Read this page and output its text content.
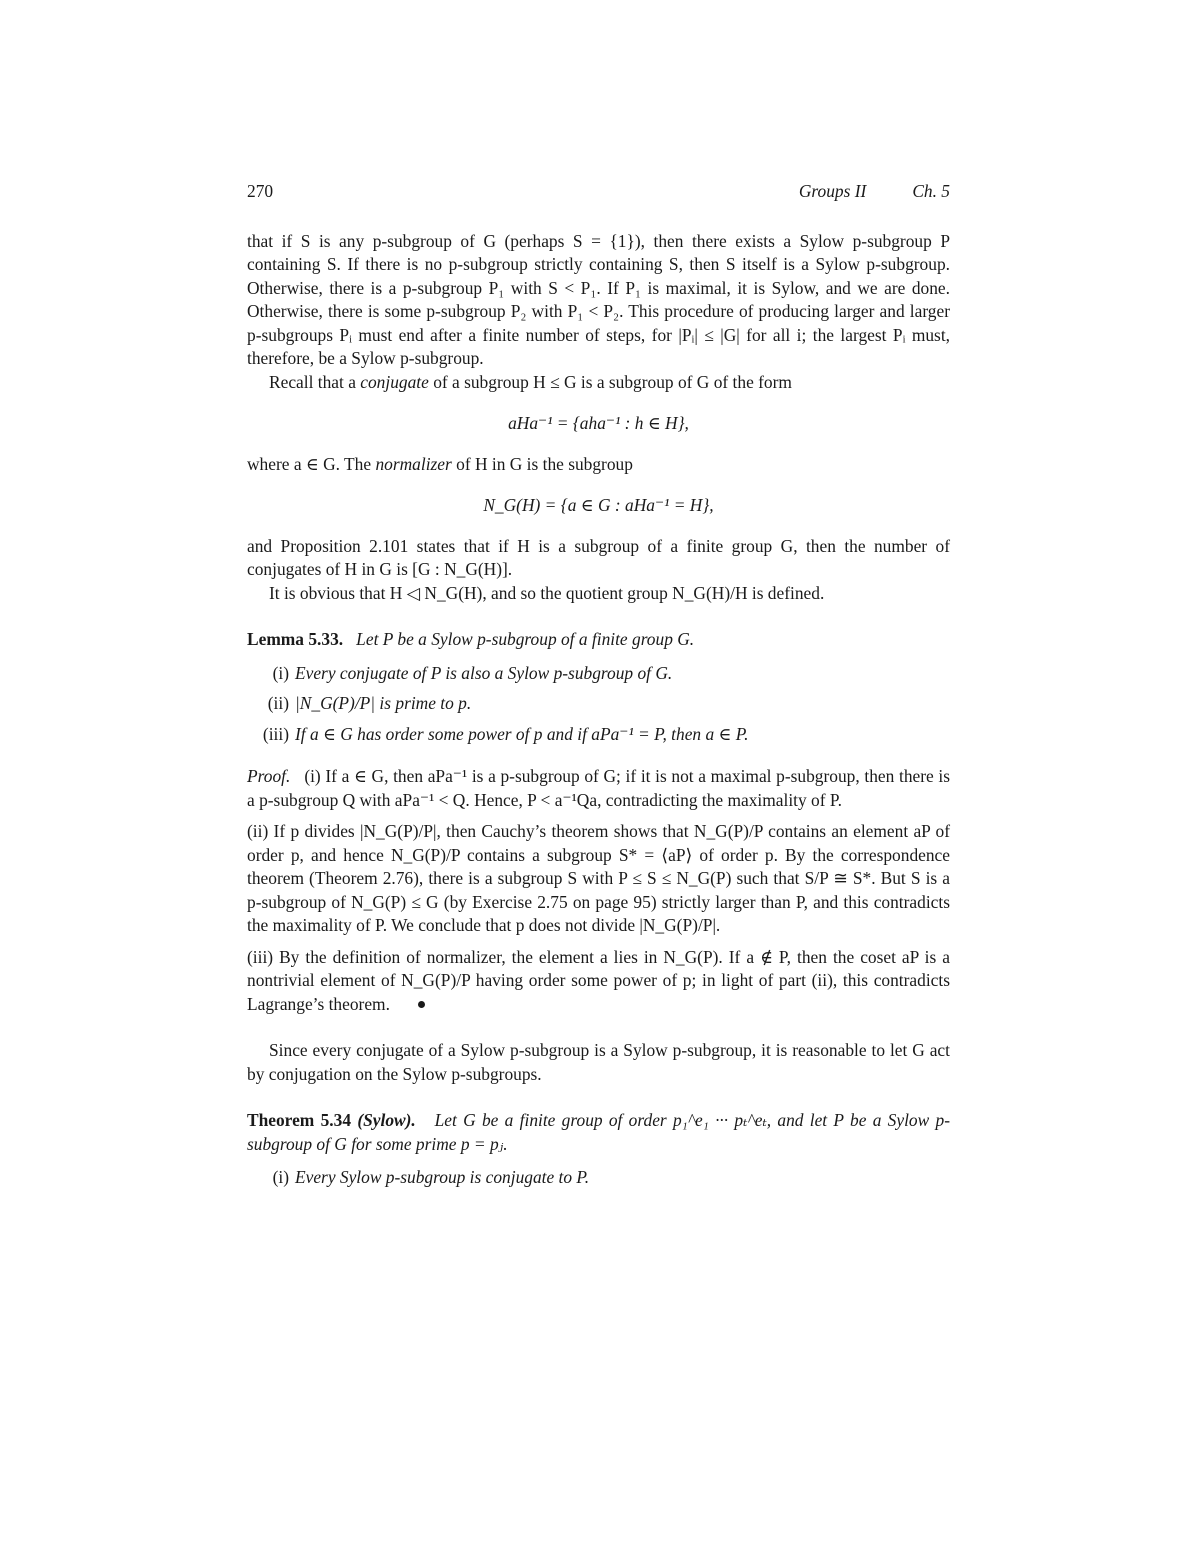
270	Groups II	Ch. 5

that if S is any p-subgroup of G (perhaps S = {1}), then there exists a Sylow p-subgroup P containing S. If there is no p-subgroup strictly containing S, then S itself is a Sylow p-subgroup. Otherwise, there is a p-subgroup P₁ with S < P₁. If P₁ is maximal, it is Sylow, and we are done. Otherwise, there is some p-subgroup P₂ with P₁ < P₂. This procedure of producing larger and larger p-subgroups Pᵢ must end after a finite number of steps, for |Pᵢ| ≤ |G| for all i; the largest Pᵢ must, therefore, be a Sylow p-subgroup.

Recall that a conjugate of a subgroup H ≤ G is a subgroup of G of the form

aHa⁻¹ = {aha⁻¹ : h ∈ H},

where a ∈ G. The normalizer of H in G is the subgroup

N_G(H) = {a ∈ G : aHa⁻¹ = H},

and Proposition 2.101 states that if H is a subgroup of a finite group G, then the number of conjugates of H in G is [G : N_G(H)].

It is obvious that H ◁ N_G(H), and so the quotient group N_G(H)/H is defined.

Lemma 5.33. Let P be a Sylow p-subgroup of a finite group G.

(i) Every conjugate of P is also a Sylow p-subgroup of G.
(ii) |N_G(P)/P| is prime to p.
(iii) If a ∈ G has order some power of p and if aPa⁻¹ = P, then a ∈ P.

Proof. (i) If a ∈ G, then aPa⁻¹ is a p-subgroup of G; if it is not a maximal p-subgroup, then there is a p-subgroup Q with aPa⁻¹ < Q. Hence, P < a⁻¹Qa, contradicting the maximality of P.

(ii) If p divides |N_G(P)/P|, then Cauchy’s theorem shows that N_G(P)/P contains an element aP of order p, and hence N_G(P)/P contains a subgroup S* = ⟨aP⟩ of order p. By the correspondence theorem (Theorem 2.76), there is a subgroup S with P ≤ S ≤ N_G(P) such that S/P ≅ S*. But S is a p-subgroup of N_G(P) ≤ G (by Exercise 2.75 on page 95) strictly larger than P, and this contradicts the maximality of P. We conclude that p does not divide |N_G(P)/P|.

(iii) By the definition of normalizer, the element a lies in N_G(P). If a ∉ P, then the coset aP is a nontrivial element of N_G(P)/P having order some power of p; in light of part (ii), this contradicts Lagrange’s theorem.

Since every conjugate of a Sylow p-subgroup is a Sylow p-subgroup, it is reasonable to let G act by conjugation on the Sylow p-subgroups.

Theorem 5.34 (Sylow). Let G be a finite group of order p₁^e₁ ··· pₜ^eₜ, and let P be a Sylow p-subgroup of G for some prime p = pⱼ.

(i) Every Sylow p-subgroup is conjugate to P.
